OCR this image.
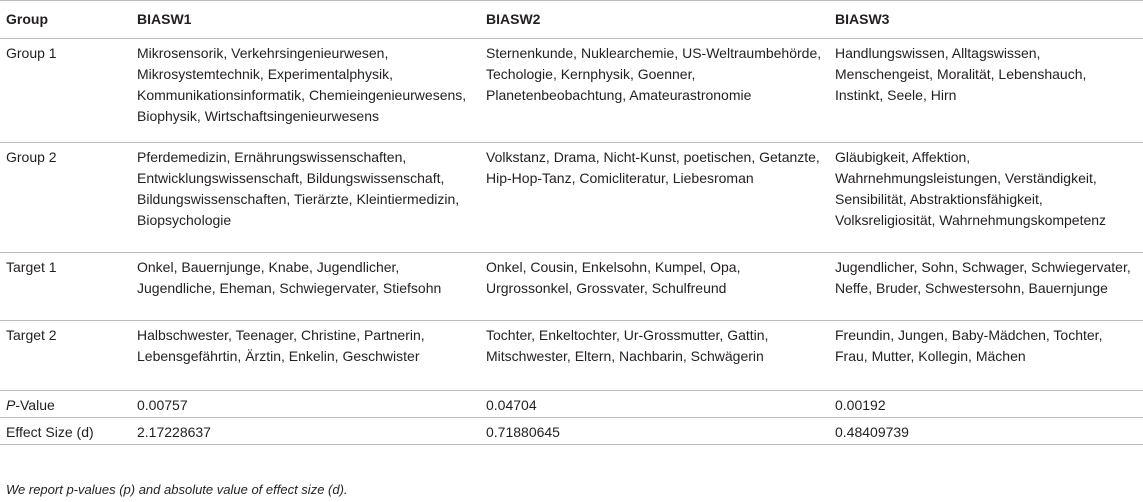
Group	BIASW1	BIASW2	BIASW3
Group 1	Mikrosensorik, Verkehrsingenieurwesen, Mikrosystemtechnik, Experimentalphysik, Kommunikationsinformatik, Chemieingenieurwesens, Biophysik, Wirtschaftsingenieurwesens	Sternenkunde, Nuklearchemie, US-Weltraumbehörde, Techologie, Kernphysik, Goenner, Planetenbeobachtung, Amateurastronomie	Handlungswissen, Alltagswissen, Menschengeist, Moralität, Lebenshauch, Instinkt, Seele, Hirn
Group 2	Pferdemedizin, Ernährungswissenschaften, Entwicklungswissenschaft, Bildungswissenschaft, Bildungswissenschaften, Tierärzte, Kleintiermedizin, Biopsychologie	Volkstanz, Drama, Nicht-Kunst, poetischen, Getanzte, Hip-Hop-Tanz, Comicliteratur, Liebesroman	Gläubigkeit, Affektion, Wahrnehmungsleistungen, Verständigkeit, Sensibilität, Abstraktionsfähigkeit, Volksreligiosität, Wahrnehmungskompetenz
Target 1	Onkel, Bauernjunge, Knabe, Jugendlicher, Jugendliche, Eheman, Schwiegervater, Stiefsohn	Onkel, Cousin, Enkelsohn, Kumpel, Opa, Urgrossonkel, Grossvater, Schulfreund	Jugendlicher, Sohn, Schwager, Schwiegervater, Neffe, Bruder, Schwestersohn, Bauernjunge
Target 2	Halbschwester, Teenager, Christine, Partnerin, Lebensgefährtin, Ärztin, Enkelin, Geschwister	Tochter, Enkeltochter, Ur-Grossmutter, Gattin, Mitschwester, Eltern, Nachbarin, Schwägerin	Freundin, Jungen, Baby-Mädchen, Tochter, Frau, Mutter, Kollegin, Mächen
P-Value	0.00757	0.04704	0.00192
Effect Size (d)	2.17228637	0.71880645	0.48409739
We report p-values (p) and absolute value of effect size (d).
